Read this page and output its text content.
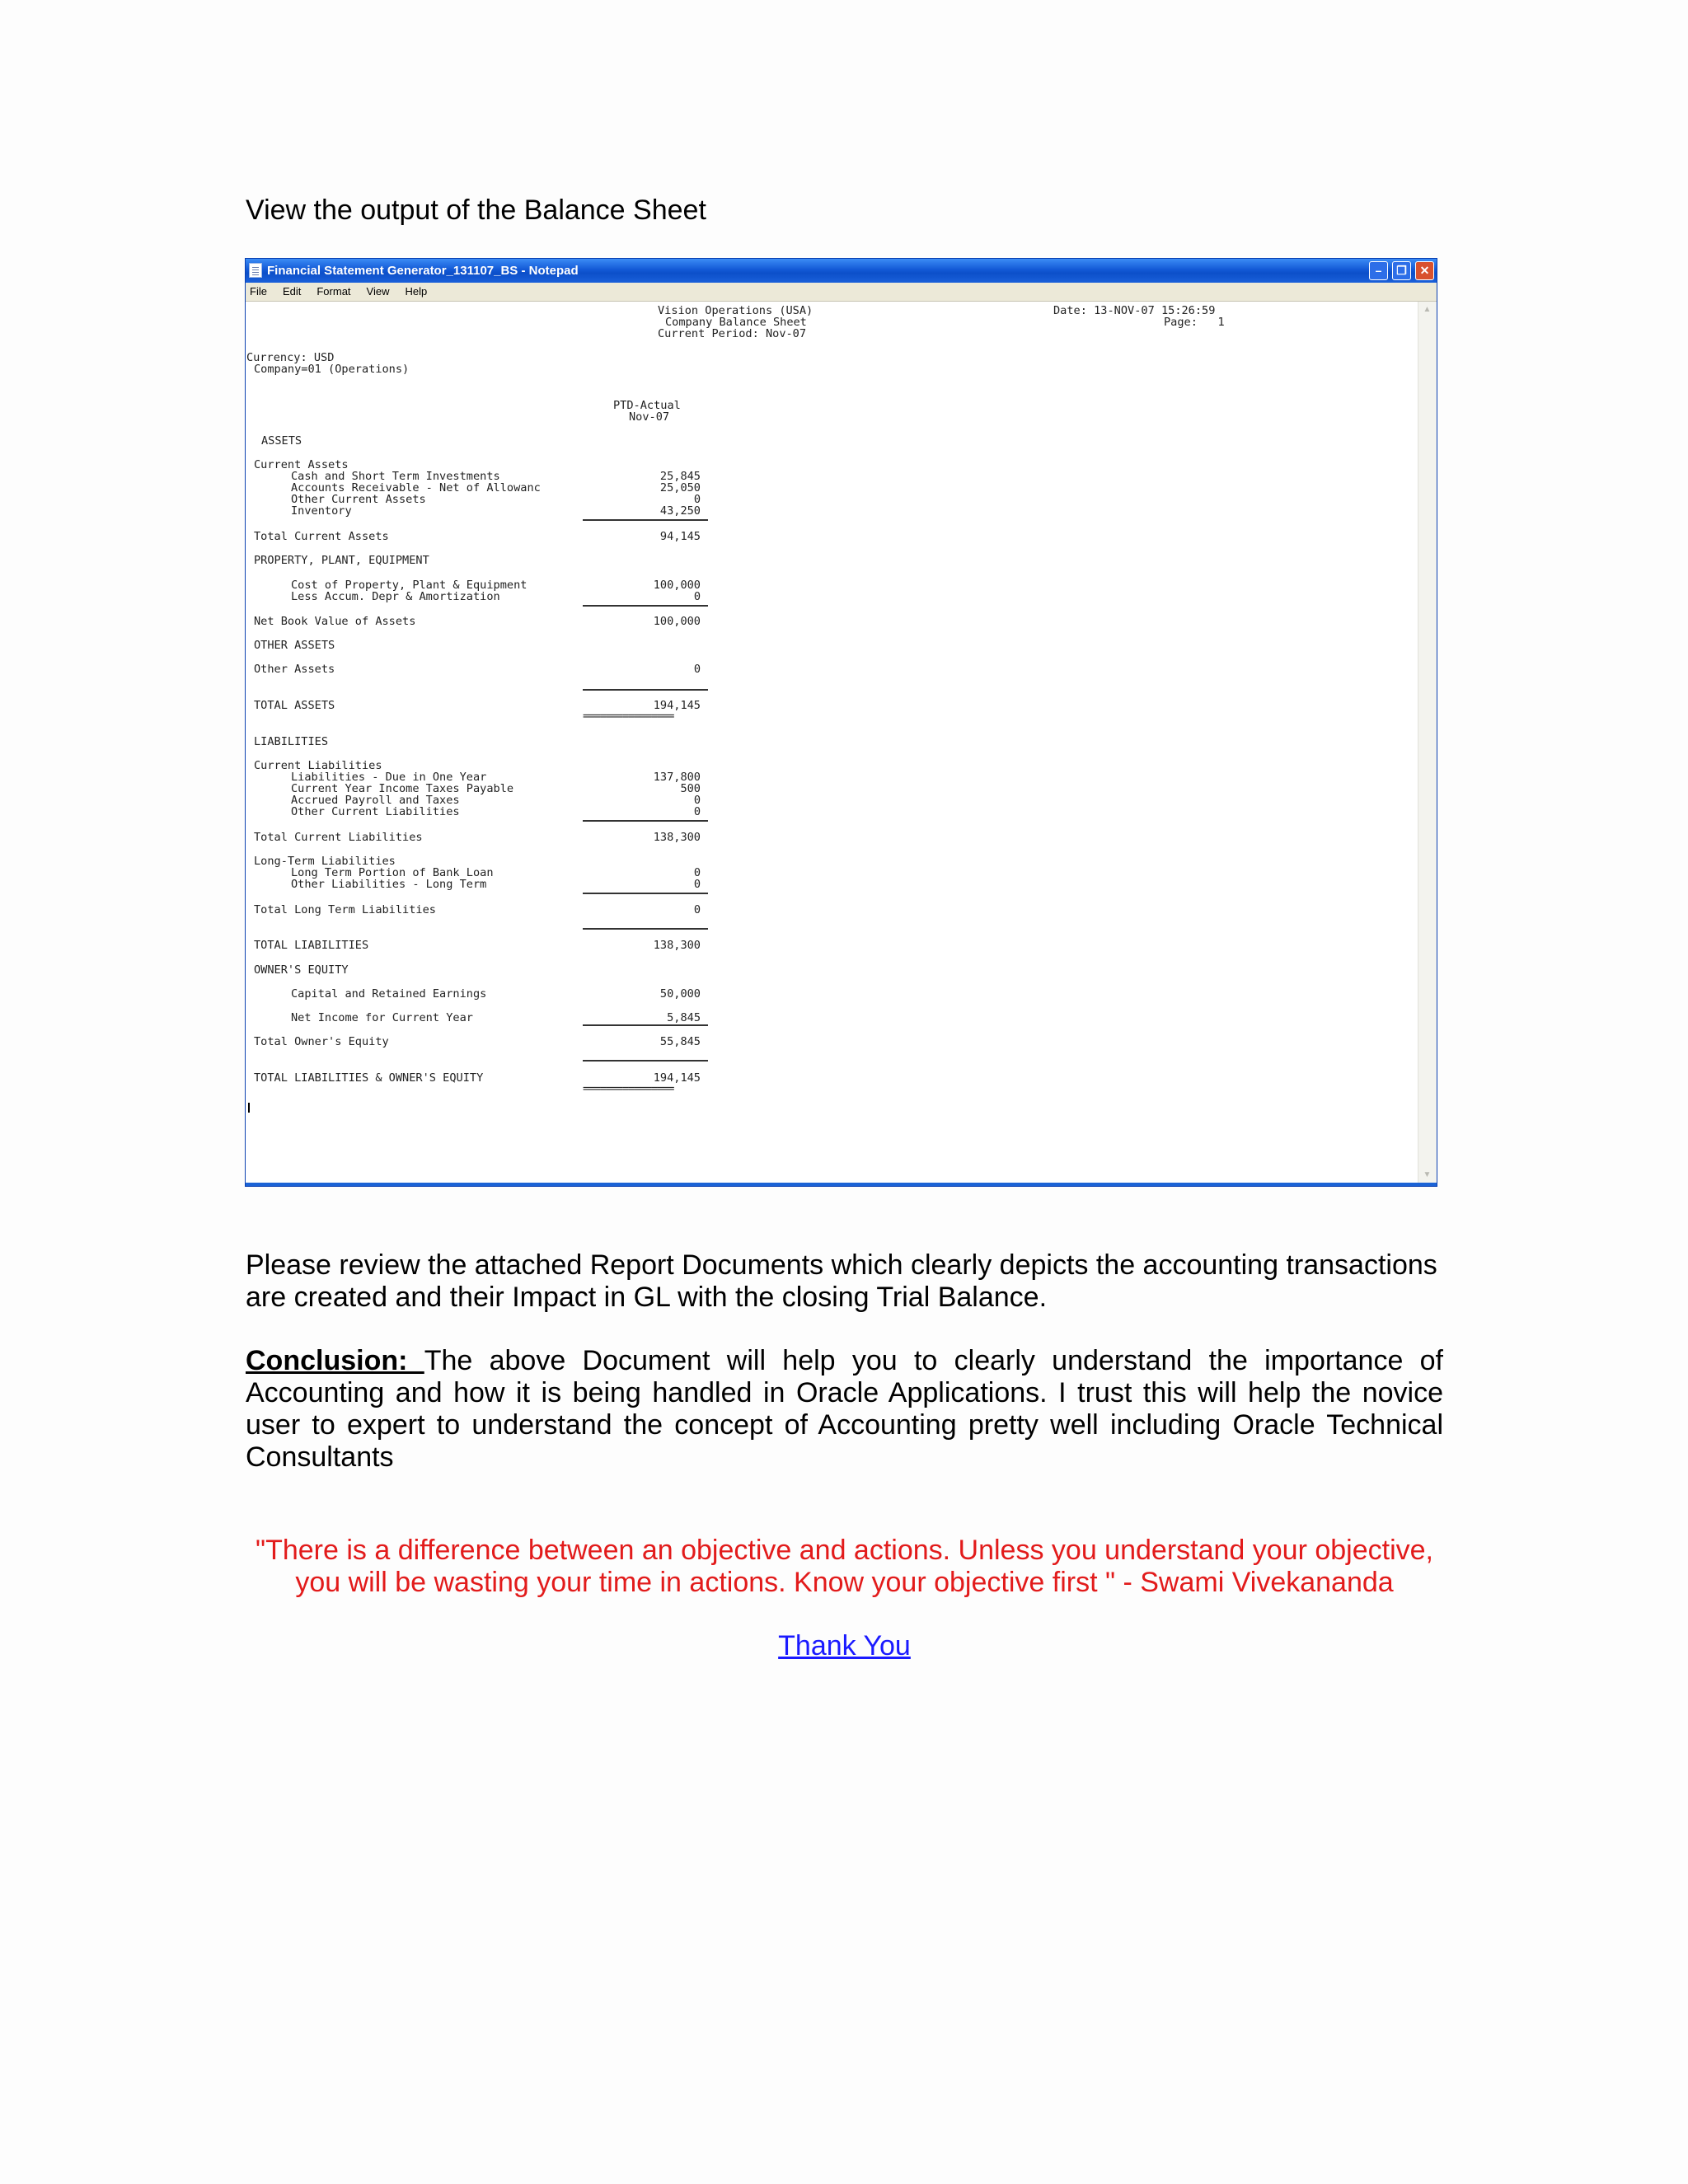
View the output of the Balance Sheet
Financial Statement Generator_131107_BS - Notepad	–	❐	✕
File Edit Format View Help
Vision Operations (USA)
Company Balance Sheet
Current Period: Nov-07
Date: 13-NOV-07 15:26:59
Page:   1
Currency: USD
Company=01 (Operations)
PTD-Actual
Nov-07
ASSETS
Current Assets
Cash and Short Term Investments	25,845
Accounts Receivable - Net of Allowanc	25,050
Other Current Assets	0
Inventory	43,250
Total Current Assets	94,145
PROPERTY, PLANT, EQUIPMENT
Cost of Property, Plant & Equipment	100,000
Less Accum. Depr & Amortization	0
Net Book Value of Assets	100,000
OTHER ASSETS
Other Assets	0
TOTAL ASSETS	194,145
================
LIABILITIES
Current Liabilities
Liabilities - Due in One Year	137,800
Current Year Income Taxes Payable	500
Accrued Payroll and Taxes	0
Other Current Liabilities	0
Total Current Liabilities	138,300
Long-Term Liabilities
Long Term Portion of Bank Loan	0
Other Liabilities - Long Term	0
Total Long Term Liabilities	0
TOTAL LIABILITIES	138,300
OWNER'S EQUITY
Capital and Retained Earnings	50,000
Net Income for Current Year	5,845
Total Owner's Equity	55,845
TOTAL LIABILITIES & OWNER'S EQUITY	194,145
================
▲
▼
Please review the attached Report Documents which clearly depicts the accounting transactions are created and their Impact in GL with the closing Trial Balance.
Conclusion: The above Document will help you to clearly understand the importance of Accounting and how it is being handled in Oracle Applications. I trust this will help the novice user to expert to understand the concept of Accounting pretty well including Oracle Technical Consultants
"There is a difference between an objective and actions. Unless you understand your objective,
you will be wasting your time in actions. Know your objective first " - Swami Vivekananda
Thank You
